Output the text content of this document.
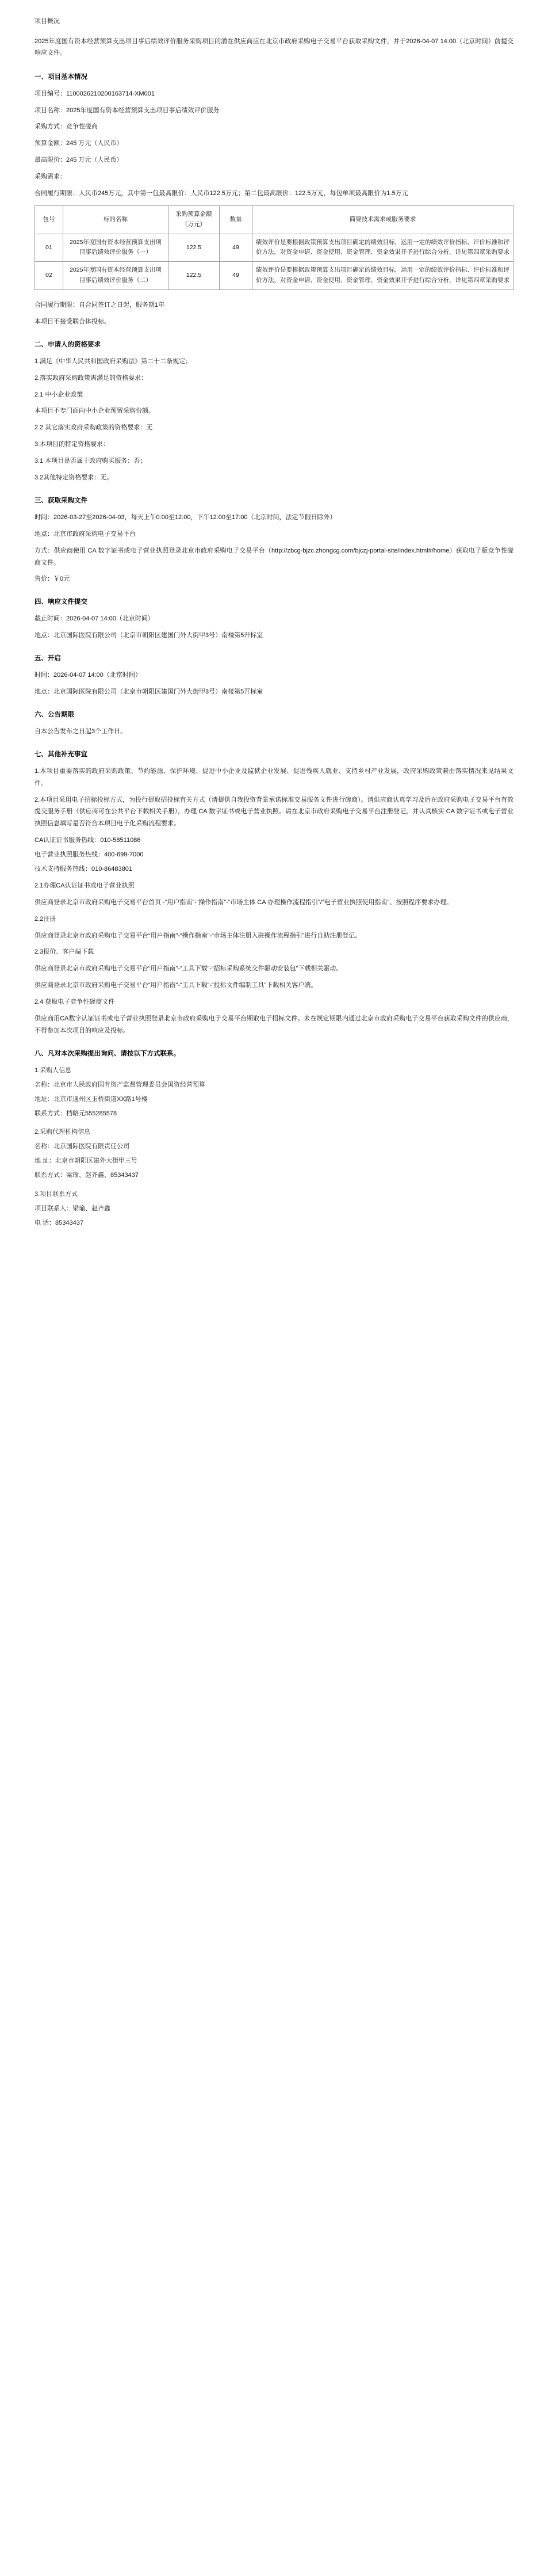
项目概况

2025年度国有资本经营预算支出项目事后绩效评价服务采购项目的潜在供应商应在北京市政府采购电子交易平台获取采购文件，并于2026-04-07 14:00（北京时间）前提交响应文件。

一、项目基本情况

项目编号：1100026210200163714-XM001

项目名称：2025年度国有资本经营预算支出项目事后绩效评价服务

采购方式：竞争性磋商

预算金额：245 万元（人民币）

最高限价：245 万元（人民币）

采购需求：

合同履行期限：人民币245万元，其中第一包最高限价：人民币122.5万元；第二包最高限价：122.5万元，每包单项最高限价为1.5万元

包号	标的名称	采购预算金额（万元）	数量	简要技术需求或服务要求
01	2025年度国有资本经营预算支出项目事后绩效评价服务（一）	122.5	49	绩效评价是要根据政策预算支出项目确定的绩效目标，运用一定的绩效评价指标、评价标准和评价方法，对资金申请、资金使用、资金管理、资金效果开予进行综合分析，详见第四章采购要求
02	2025年度国有资本经营预算支出项目事后绩效评价服务（二）	122.5	49	绩效评价是要根据政策预算支出项目确定的绩效目标，运用一定的绩效评价指标、评价标准和评价方法，对资金申请、资金使用、资金管理、资金效果开予进行综合分析，详见第四章采购要求

合同履行期限：自合同签订之日起，服务期1年

本项目不接受联合体投标。

二、申请人的资格要求

1.满足《中华人民共和国政府采购法》第二十二条规定；

2.落实政府采购政策需满足的资格要求：

2.1 中小企业政策

本项目不专门面向中小企业预留采购份额。

2.2 其它落实政府采购政策的资格要求：无

3.本项目的特定资格要求：

3.1 本项目是否属于政府购买服务：否；

3.2其他特定资格要求：无。

三、获取采购文件

时间：2026-03-27至2026-04-03，每天上午0:00至12:00，下午12:00至17:00（北京时间，法定节假日除外）

地点：北京市政府采购电子交易平台

方式：供应商使用 CA 数字证书或电子营业执照登录北京市政府采购电子交易平台（http://zbcg-bjzc.zhongcg.com/bjczj-portal-site/index.html#/home）获取电子版竞争性磋商文件。

售价：￥0元

四、响应文件提交

截止时间：2026-04-07 14:00（北京时间）

地点：北京国际医院有限公司（北京市朝阳区建国门外大街甲3号）南楼第5开标室

五、开启

时间：2026-04-07 14:00（北京时间）

地点：北京国际医院有限公司（北京市朝阳区建国门外大街甲3号）南楼第5开标室

六、公告期限

自本公告发布之日起3个工作日。

七、其他补充事宜

1.本项目重要落实的政府采购政策、节约能源、保护环境、促进中小企业及监狱企业发展、促进残疾人就业、支持乡村产业发展，政府采购政策兼由落实情况来见结果文件。

2.本项目采用电子招标投标方式，为投行提取招投标有关方式（请提供自我投资背景承诺标准交易服务文件进行磋商）。请供应商认真学习及后在政府采购电子交易平台有效提交服务手册（供应商可在公共平台下载相关手册），办理 CA 数字证书或电子营业执照。请在北京市政府采购电子交易平台注册登记，并认真核实 CA 数字证书或电子营业执照信息填写是否符合本项目电子化采购流程要求。

CA认证证书服务热线：010-58511086

电子营业执照服务热线：400-699-7000

技术支持服务热线：010-86483801

2.1办理CA认证证书或电子营业执照

供应商登录北京市政府采购电子交易平台首页 -“用户指南”-“操作指南”-“市场主体 CA 办理操作流程指引”/“电子营业执照使用指南”、按照程序要求办理。

2.2注册

供应商登录北京市政府采购电子交易平台“用户指南”-“操作指南”-“市场主体注册入驻操作流程指引”进行自助注册登记。

2.3报价、客户端下载

供应商登录北京市政府采购电子交易平台“用户指南”-“工具下载”-“招标采购系统交件驱动安装包”下载相关驱动。

供应商登录北京市政府采购电子交易平台“用户指南”-“工具下载”-“投标文件编制工具”下载相关客户端。

2.4 获取电子竞争性磋商文件

供应商用CA数字认证证书或电子营业执照登录北京市政府采购电子交易平台期取电子招标文件。未在规定期限内通过北京市政府采购电子交易平台获取采购文件的供应商，不得参加本次项目的响应及投标。

八、凡对本次采购提出询问、请按以下方式联系。

1.采购人信息

名称：北京市人民政府国有资产监督管理委员会国资经营预算

地址：北京市通州区玉桥街道XX路1号楼

联系方式：档略元555285578

2.采购代理机构信息

名称：北京国际医院有限责任公司

地 址：北京市朝阳区建外大街甲三号

联系方式：梁瑜、赵齐鑫、85343437

3.项目联系方式

项目联系人：梁瑜、赵齐鑫

电 话：85343437
